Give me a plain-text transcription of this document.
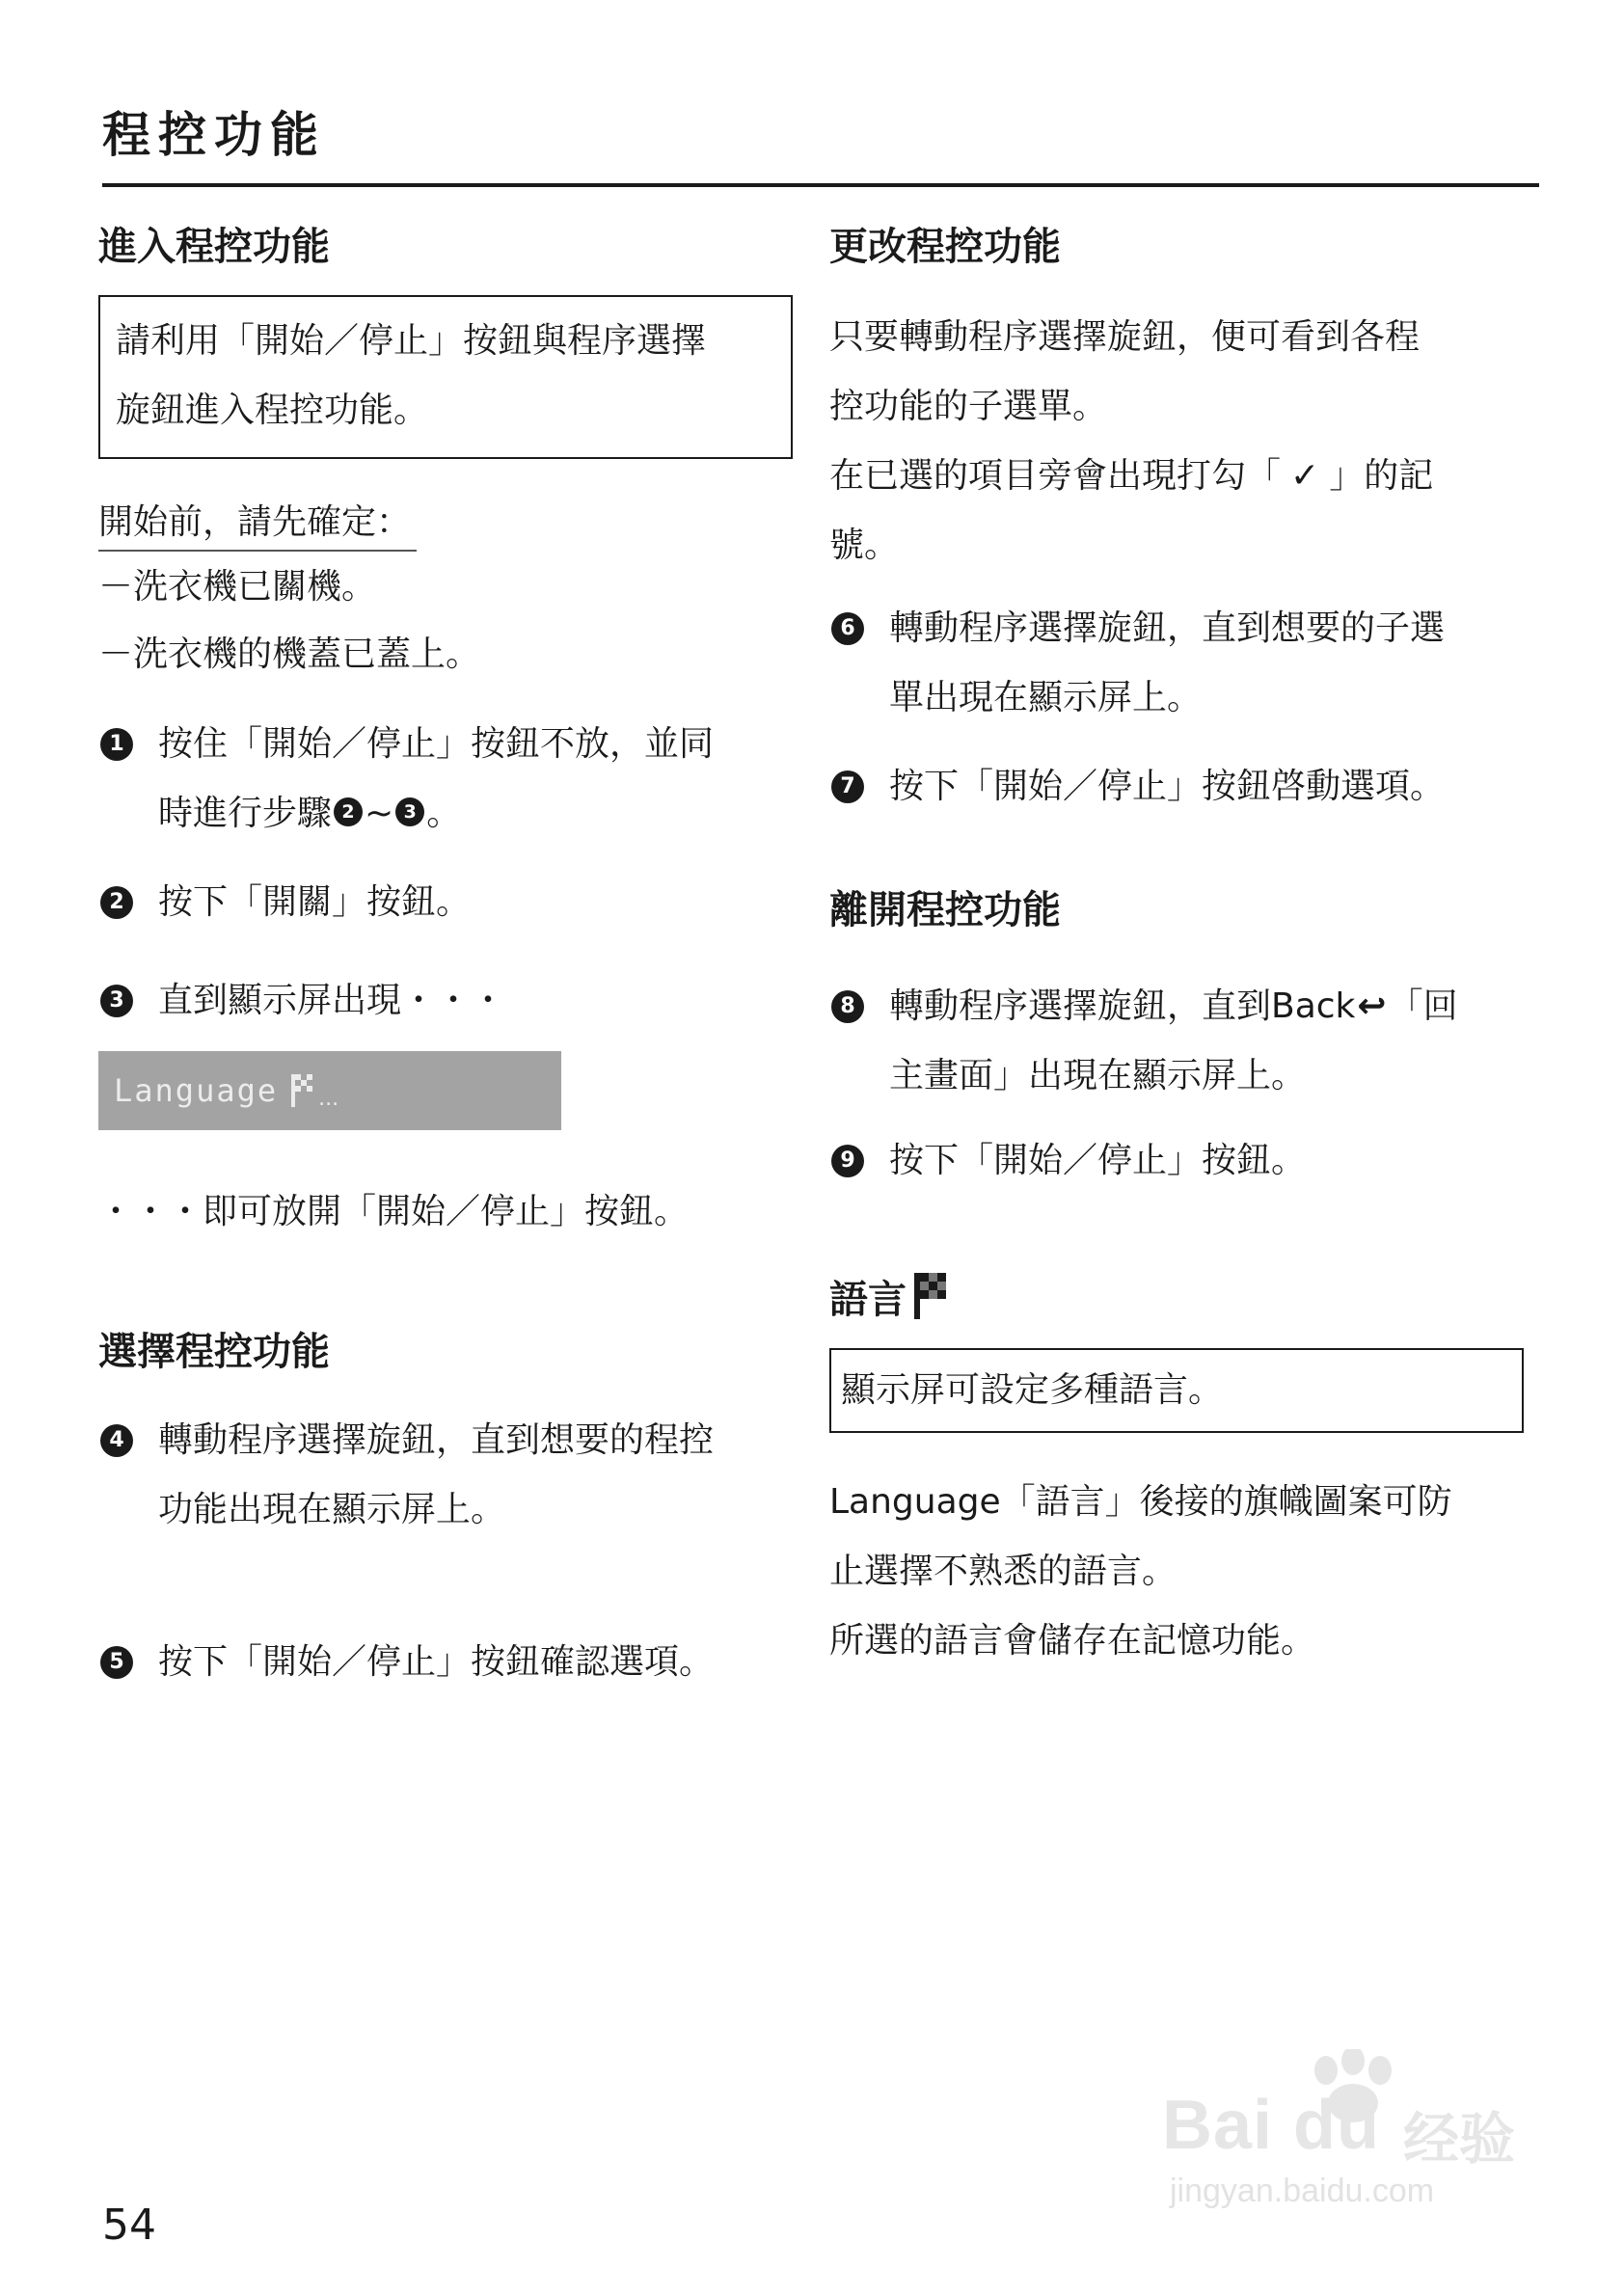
程控功能
進入程控功能
請利用「開始／停止」按鈕與程序選擇
旋鈕進入程控功能。
開始前，請先確定：
－洗衣機已關機。
－洗衣機的機蓋已蓋上。
1 按住「開始／停止」按鈕不放，並同
時進行步驟 2 ~ 3 。
2 按下「開關」按鈕。
3 直到顯示屏出現・・・
Language ...
・・・即可放開「開始／停止」按鈕。
選擇程控功能
4 轉動程序選擇旋鈕，直到想要的程控
功能出現在顯示屏上。
5 按下「開始／停止」按鈕確認選項。
更改程控功能
只要轉動程序選擇旋鈕，便可看到各程
控功能的子選單。
在已選的項目旁會出現打勾「 ✓ 」的記
號。
6 轉動程序選擇旋鈕，直到想要的子選
單出現在顯示屏上。
7 按下「開始／停止」按鈕啓動選項。
離開程控功能
8 轉動程序選擇旋鈕，直到Back↩「回
主畫面」出現在顯示屏上。
9 按下「開始／停止」按鈕。
語言
顯示屏可設定多種語言。
Language「語言」後接的旗幟圖案可防
止選擇不熟悉的語言。
所選的語言會儲存在記憶功能。
54
Bai du 经验
jingyan.baidu.com
